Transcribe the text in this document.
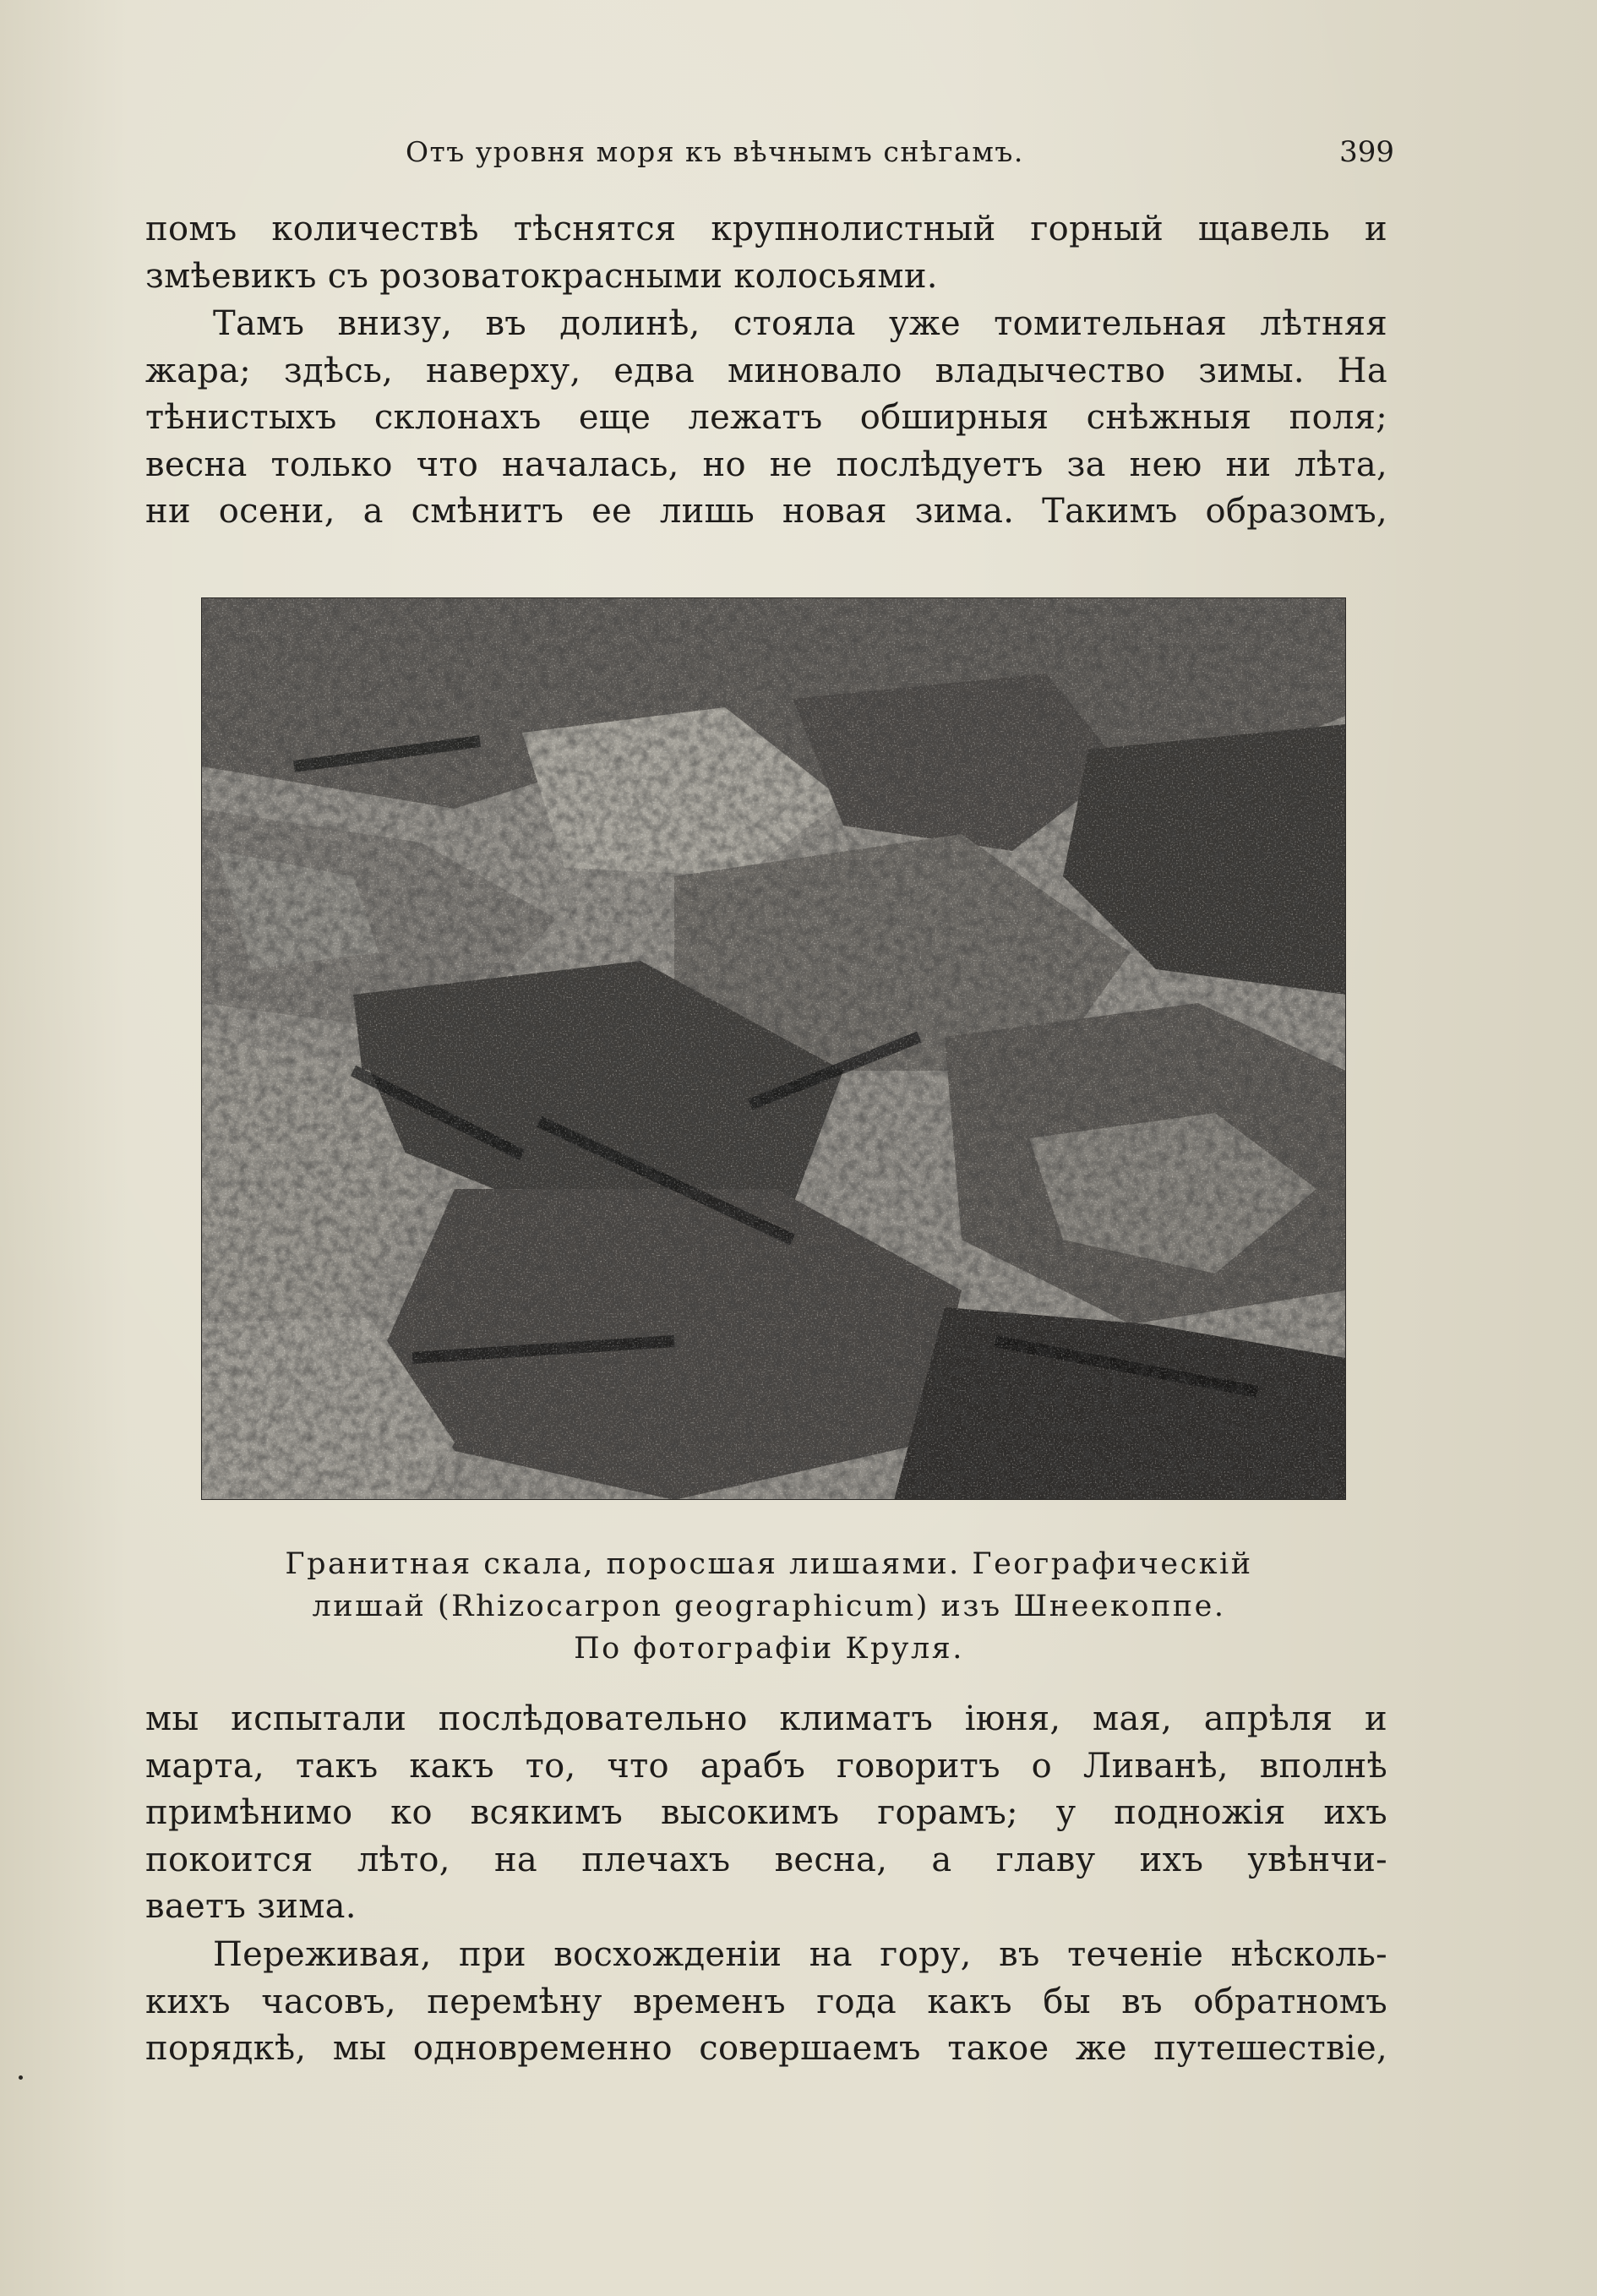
Отъ уровня моря къ вѣчнымъ снѣгамъ.	399
помъ количествѣ тѣснятся крупнолистный горный щавель и
змѣевикъ съ розоватокрасными колосьями.
Тамъ внизу, въ долинѣ, стояла уже томительная лѣтняя
жара; здѣсь, наверху, едва миновало владычество зимы. На
тѣнистыхъ склонахъ еще лежатъ обширныя снѣжныя поля;
весна только что началась, но не послѣдуетъ за нею ни лѣта,
ни осени, а смѣнитъ ее лишь новая зима. Такимъ образомъ,
Гранитная скала, поросшая лишаями. Географическій
лишай (Rhizocarpon geographicum) изъ Шнеекоппе.
По фотографіи Круля.
мы испытали послѣдовательно климатъ іюня, мая, апрѣля и
марта, такъ какъ то, что арабъ говоритъ о Ливанѣ, вполнѣ
примѣнимо ко всякимъ высокимъ горамъ; у подножія ихъ
покоится лѣто, на плечахъ весна, а главу ихъ увѣнчи-
ваетъ зима.
Переживая, при восхожденіи на гору, въ теченіе нѣсколь-
кихъ часовъ, перемѣну временъ года какъ бы въ обратномъ
порядкѣ, мы одновременно совершаемъ такое же путешествіе,
